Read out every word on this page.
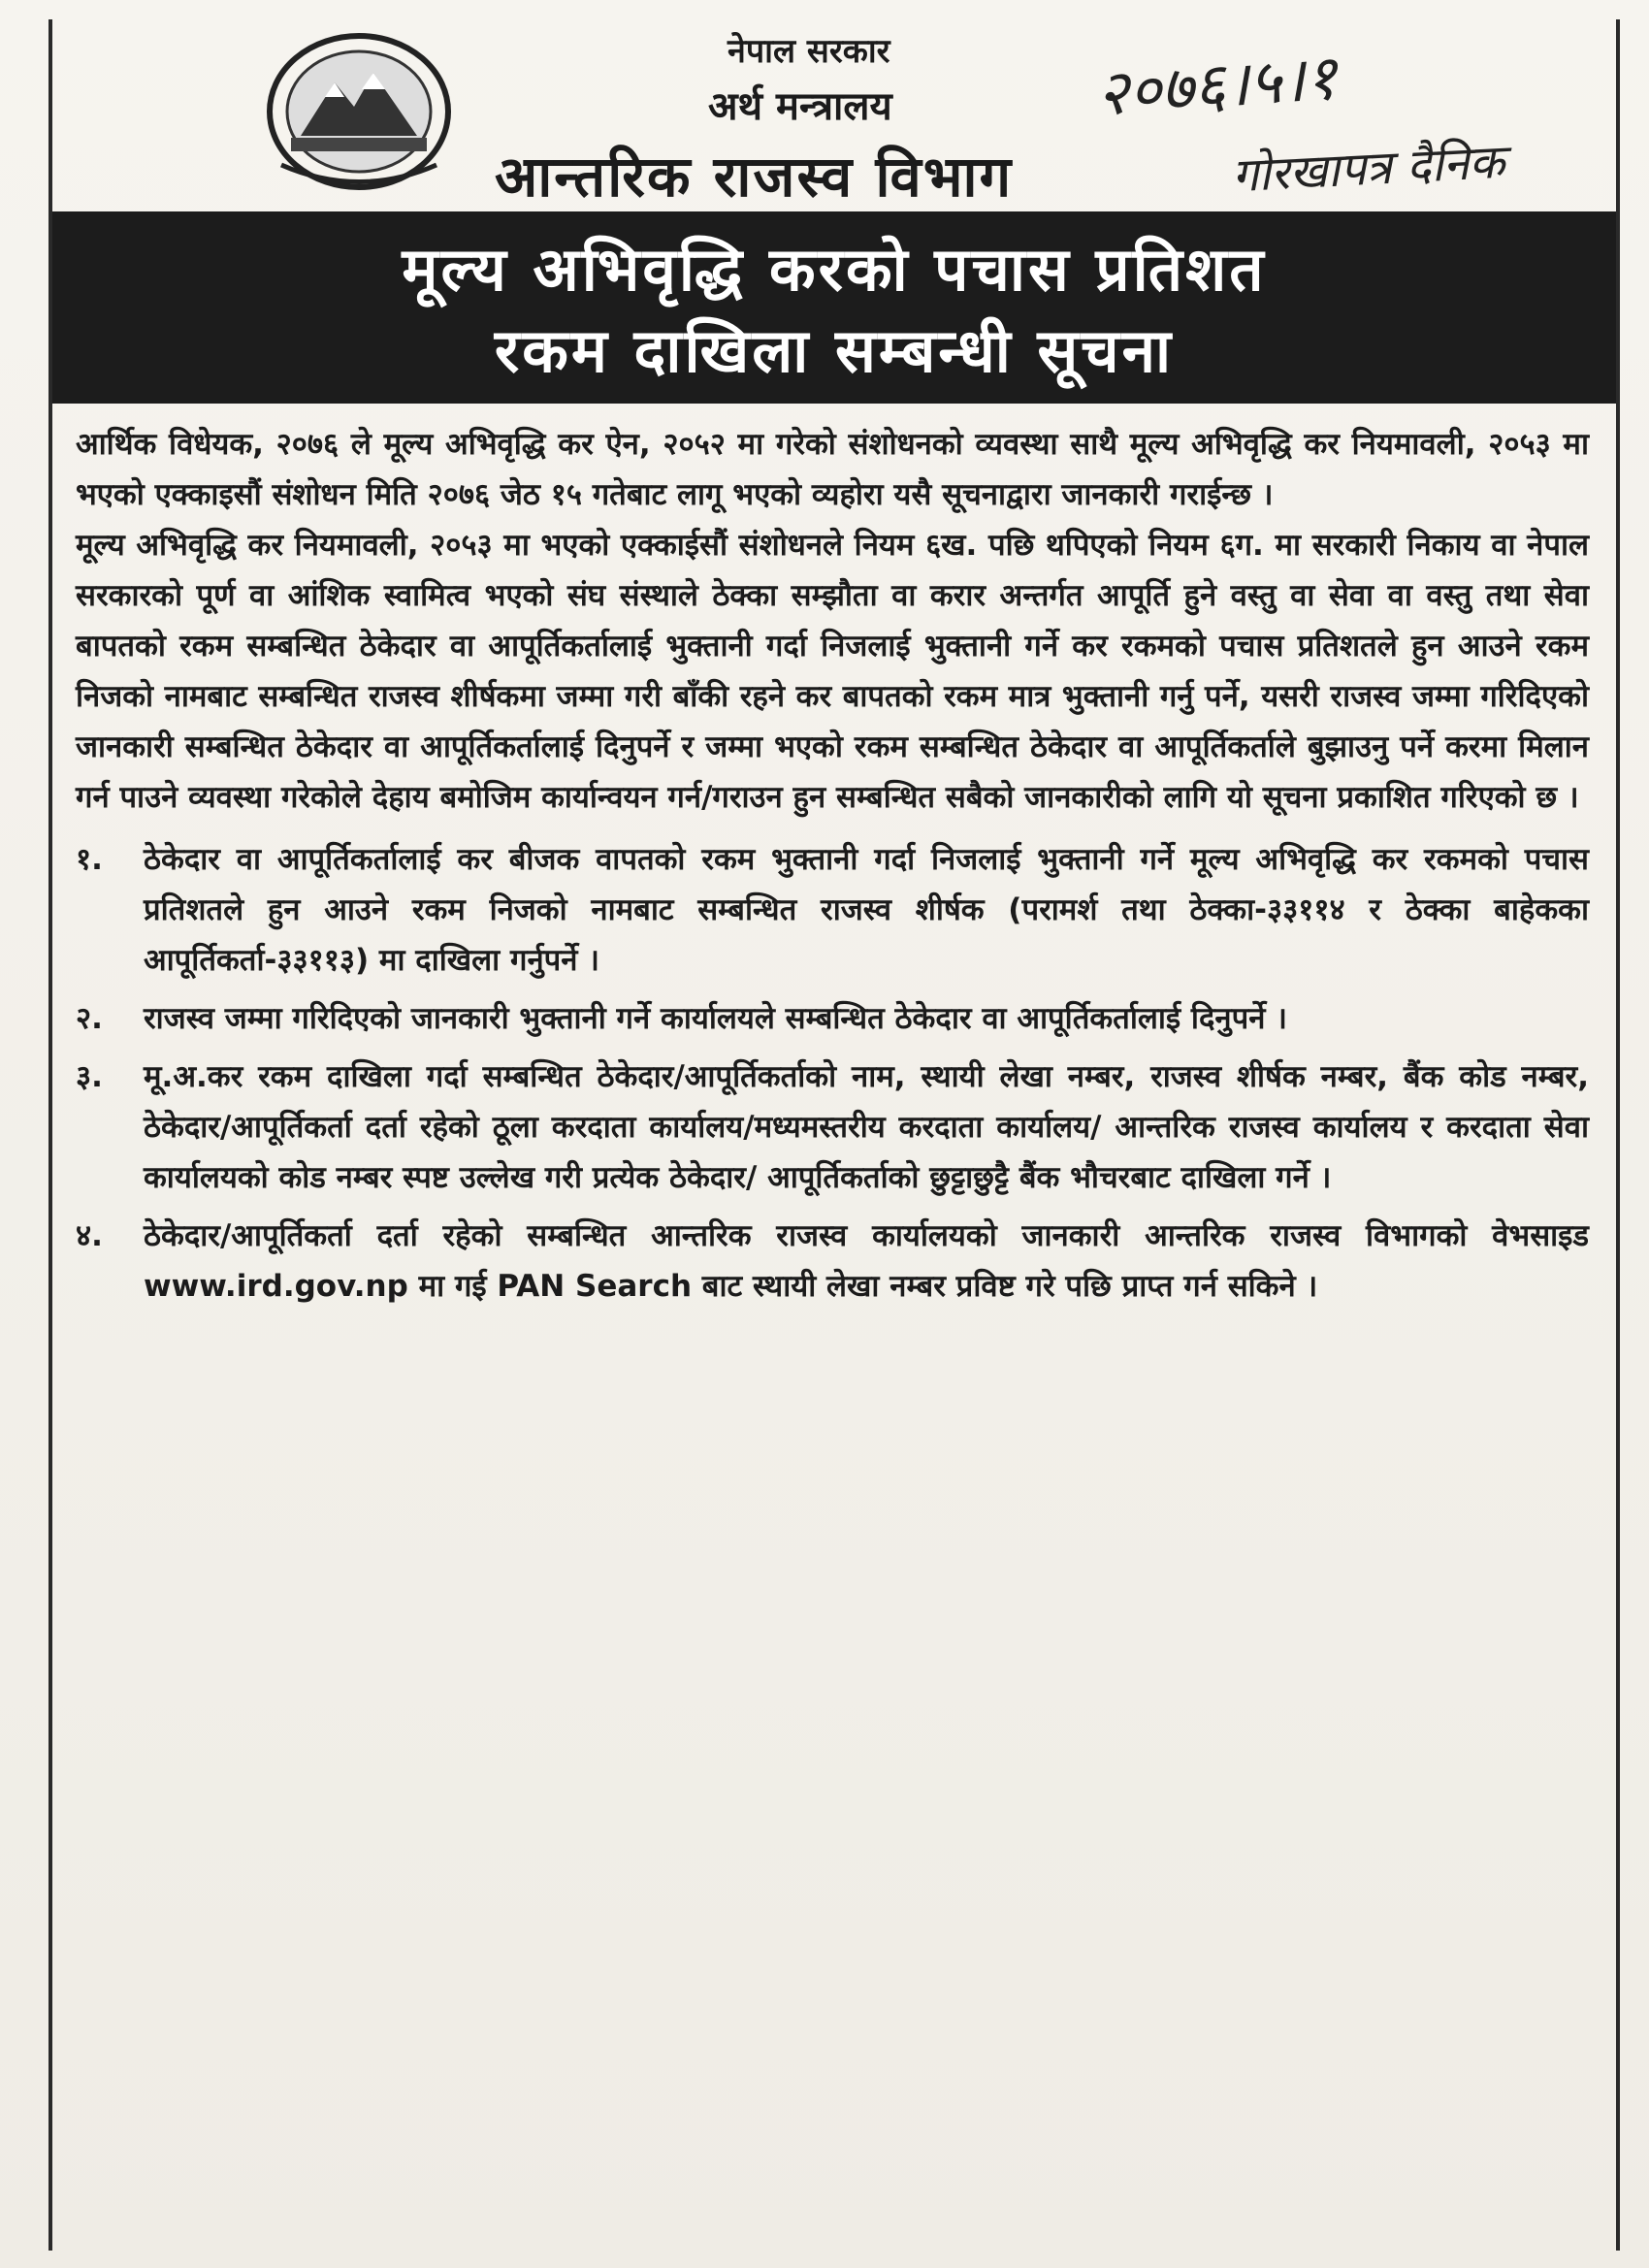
नेपाल सरकार
अर्थ मन्त्रालय
आन्तरिक राजस्व विभाग
२०७६।५।१
गोरखापत्र दैनिक
मूल्य अभिवृद्धि करको पचास प्रतिशत
रकम दाखिला सम्बन्धी सूचना

आर्थिक विधेयक, २०७६ ले मूल्य अभिवृद्धि कर ऐन, २०५२ मा गरेको संशोधनको व्यवस्था साथै मूल्य अभिवृद्धि कर नियमावली, २०५३ मा भएको एक्काइसौं संशोधन मिति २०७६ जेठ १५ गतेबाट लागू भएको व्यहोरा यसै सूचनाद्वारा जानकारी गराईन्छ ।

मूल्य अभिवृद्धि कर नियमावली, २०५३ मा भएको एक्काईसौं संशोधनले नियम ६ख. पछि थपिएको नियम ६ग. मा सरकारी निकाय वा नेपाल सरकारको पूर्ण वा आंशिक स्वामित्व भएको संघ संस्थाले ठेक्का सम्झौता वा करार अन्तर्गत आपूर्ति हुने वस्तु वा सेवा वा वस्तु तथा सेवा बापतको रकम सम्बन्धित ठेकेदार वा आपूर्तिकर्तालाई भुक्तानी गर्दा निजलाई भुक्तानी गर्ने कर रकमको पचास प्रतिशतले हुन आउने रकम निजको नामबाट सम्बन्धित राजस्व शीर्षकमा जम्मा गरी बाँकी रहने कर बापतको रकम मात्र भुक्तानी गर्नु पर्ने, यसरी राजस्व जम्मा गरिदिएको जानकारी सम्बन्धित ठेकेदार वा आपूर्तिकर्तालाई दिनुपर्ने र जम्मा भएको रकम सम्बन्धित ठेकेदार वा आपूर्तिकर्ताले बुझाउनु पर्ने करमा मिलान गर्न पाउने व्यवस्था गरेकोले देहाय बमोजिम कार्यान्वयन गर्न/गराउन हुन सम्बन्धित सबैको जानकारीको लागि यो सूचना प्रकाशित गरिएको छ ।

१.	ठेकेदार वा आपूर्तिकर्तालाई कर बीजक वापतको रकम भुक्तानी गर्दा निजलाई भुक्तानी गर्ने मूल्य अभिवृद्धि कर रकमको पचास प्रतिशतले हुन आउने रकम निजको नामबाट सम्बन्धित राजस्व शीर्षक (परामर्श तथा ठेक्का-३३११४ र ठेक्का बाहेकका आपूर्तिकर्ता-३३११३) मा दाखिला गर्नुपर्ने ।
२.	राजस्व जम्मा गरिदिएको जानकारी भुक्तानी गर्ने कार्यालयले सम्बन्धित ठेकेदार वा आपूर्तिकर्तालाई दिनुपर्ने ।
३.	मू.अ.कर रकम दाखिला गर्दा सम्बन्धित ठेकेदार/आपूर्तिकर्ताको नाम, स्थायी लेखा नम्बर, राजस्व शीर्षक नम्बर, बैंक कोड नम्बर, ठेकेदार/आपूर्तिकर्ता दर्ता रहेको ठूला करदाता कार्यालय/मध्यमस्तरीय करदाता कार्यालय/ आन्तरिक राजस्व कार्यालय र करदाता सेवा कार्यालयको कोड नम्बर स्पष्ट उल्लेख गरी प्रत्येक ठेकेदार/ आपूर्तिकर्ताको छुट्टाछुट्टै बैंक भौचरबाट दाखिला गर्ने ।
४.	ठेकेदार/आपूर्तिकर्ता दर्ता रहेको सम्बन्धित आन्तरिक राजस्व कार्यालयको जानकारी आन्तरिक राजस्व विभागको वेभसाइड www.ird.gov.np मा गई PAN Search बाट स्थायी लेखा नम्बर प्रविष्ट गरे पछि प्राप्त गर्न सकिने ।
